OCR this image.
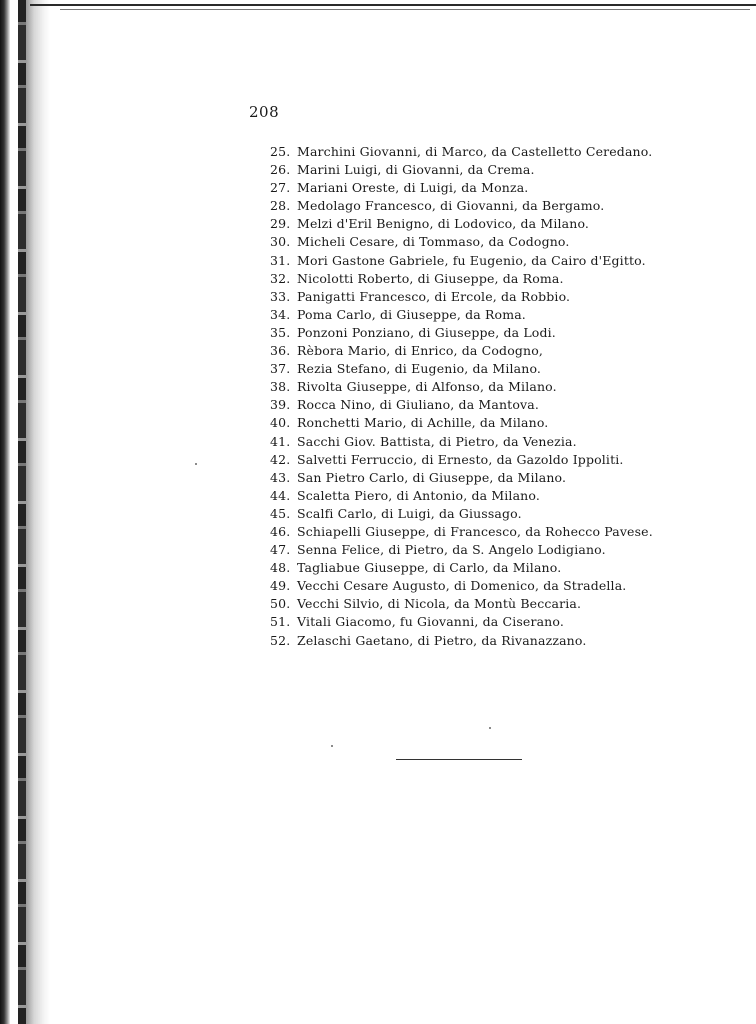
208
25. Marchini Giovanni, di Marco, da Castelletto Ceredano.
26. Marini Luigi, di Giovanni, da Crema.
27. Mariani Oreste, di Luigi, da Monza.
28. Medolago Francesco, di Giovanni, da Bergamo.
29. Melzi d'Eril Benigno, di Lodovico, da Milano.
30. Micheli Cesare, di Tommaso, da Codogno.
31. Mori Gastone Gabriele, fu Eugenio, da Cairo d'Egitto.
32. Nicolotti Roberto, di Giuseppe, da Roma.
33. Panigatti Francesco, di Ercole, da Robbio.
34. Poma Carlo, di Giuseppe, da Roma.
35. Ponzoni Ponziano, di Giuseppe, da Lodi.
36. Rèbora Mario, di Enrico, da Codogno,
37. Rezia Stefano, di Eugenio, da Milano.
38. Rivolta Giuseppe, di Alfonso, da Milano.
39. Rocca Nino, di Giuliano, da Mantova.
40. Ronchetti Mario, di Achille, da Milano.
41. Sacchi Giov. Battista, di Pietro, da Venezia.
42. Salvetti Ferruccio, di Ernesto, da Gazoldo Ippoliti.
43. San Pietro Carlo, di Giuseppe, da Milano.
44. Scaletta Piero, di Antonio, da Milano.
45. Scalfi Carlo, di Luigi, da Giussago.
46. Schiapelli Giuseppe, di Francesco, da Rohecco Pavese.
47. Senna Felice, di Pietro, da S. Angelo Lodigiano.
48. Tagliabue Giuseppe, di Carlo, da Milano.
49. Vecchi Cesare Augusto, di Domenico, da Stradella.
50. Vecchi Silvio, di Nicola, da Montù Beccaria.
51. Vitali Giacomo, fu Giovanni, da Ciserano.
52. Zelaschi Gaetano, di Pietro, da Rivanazzano.
